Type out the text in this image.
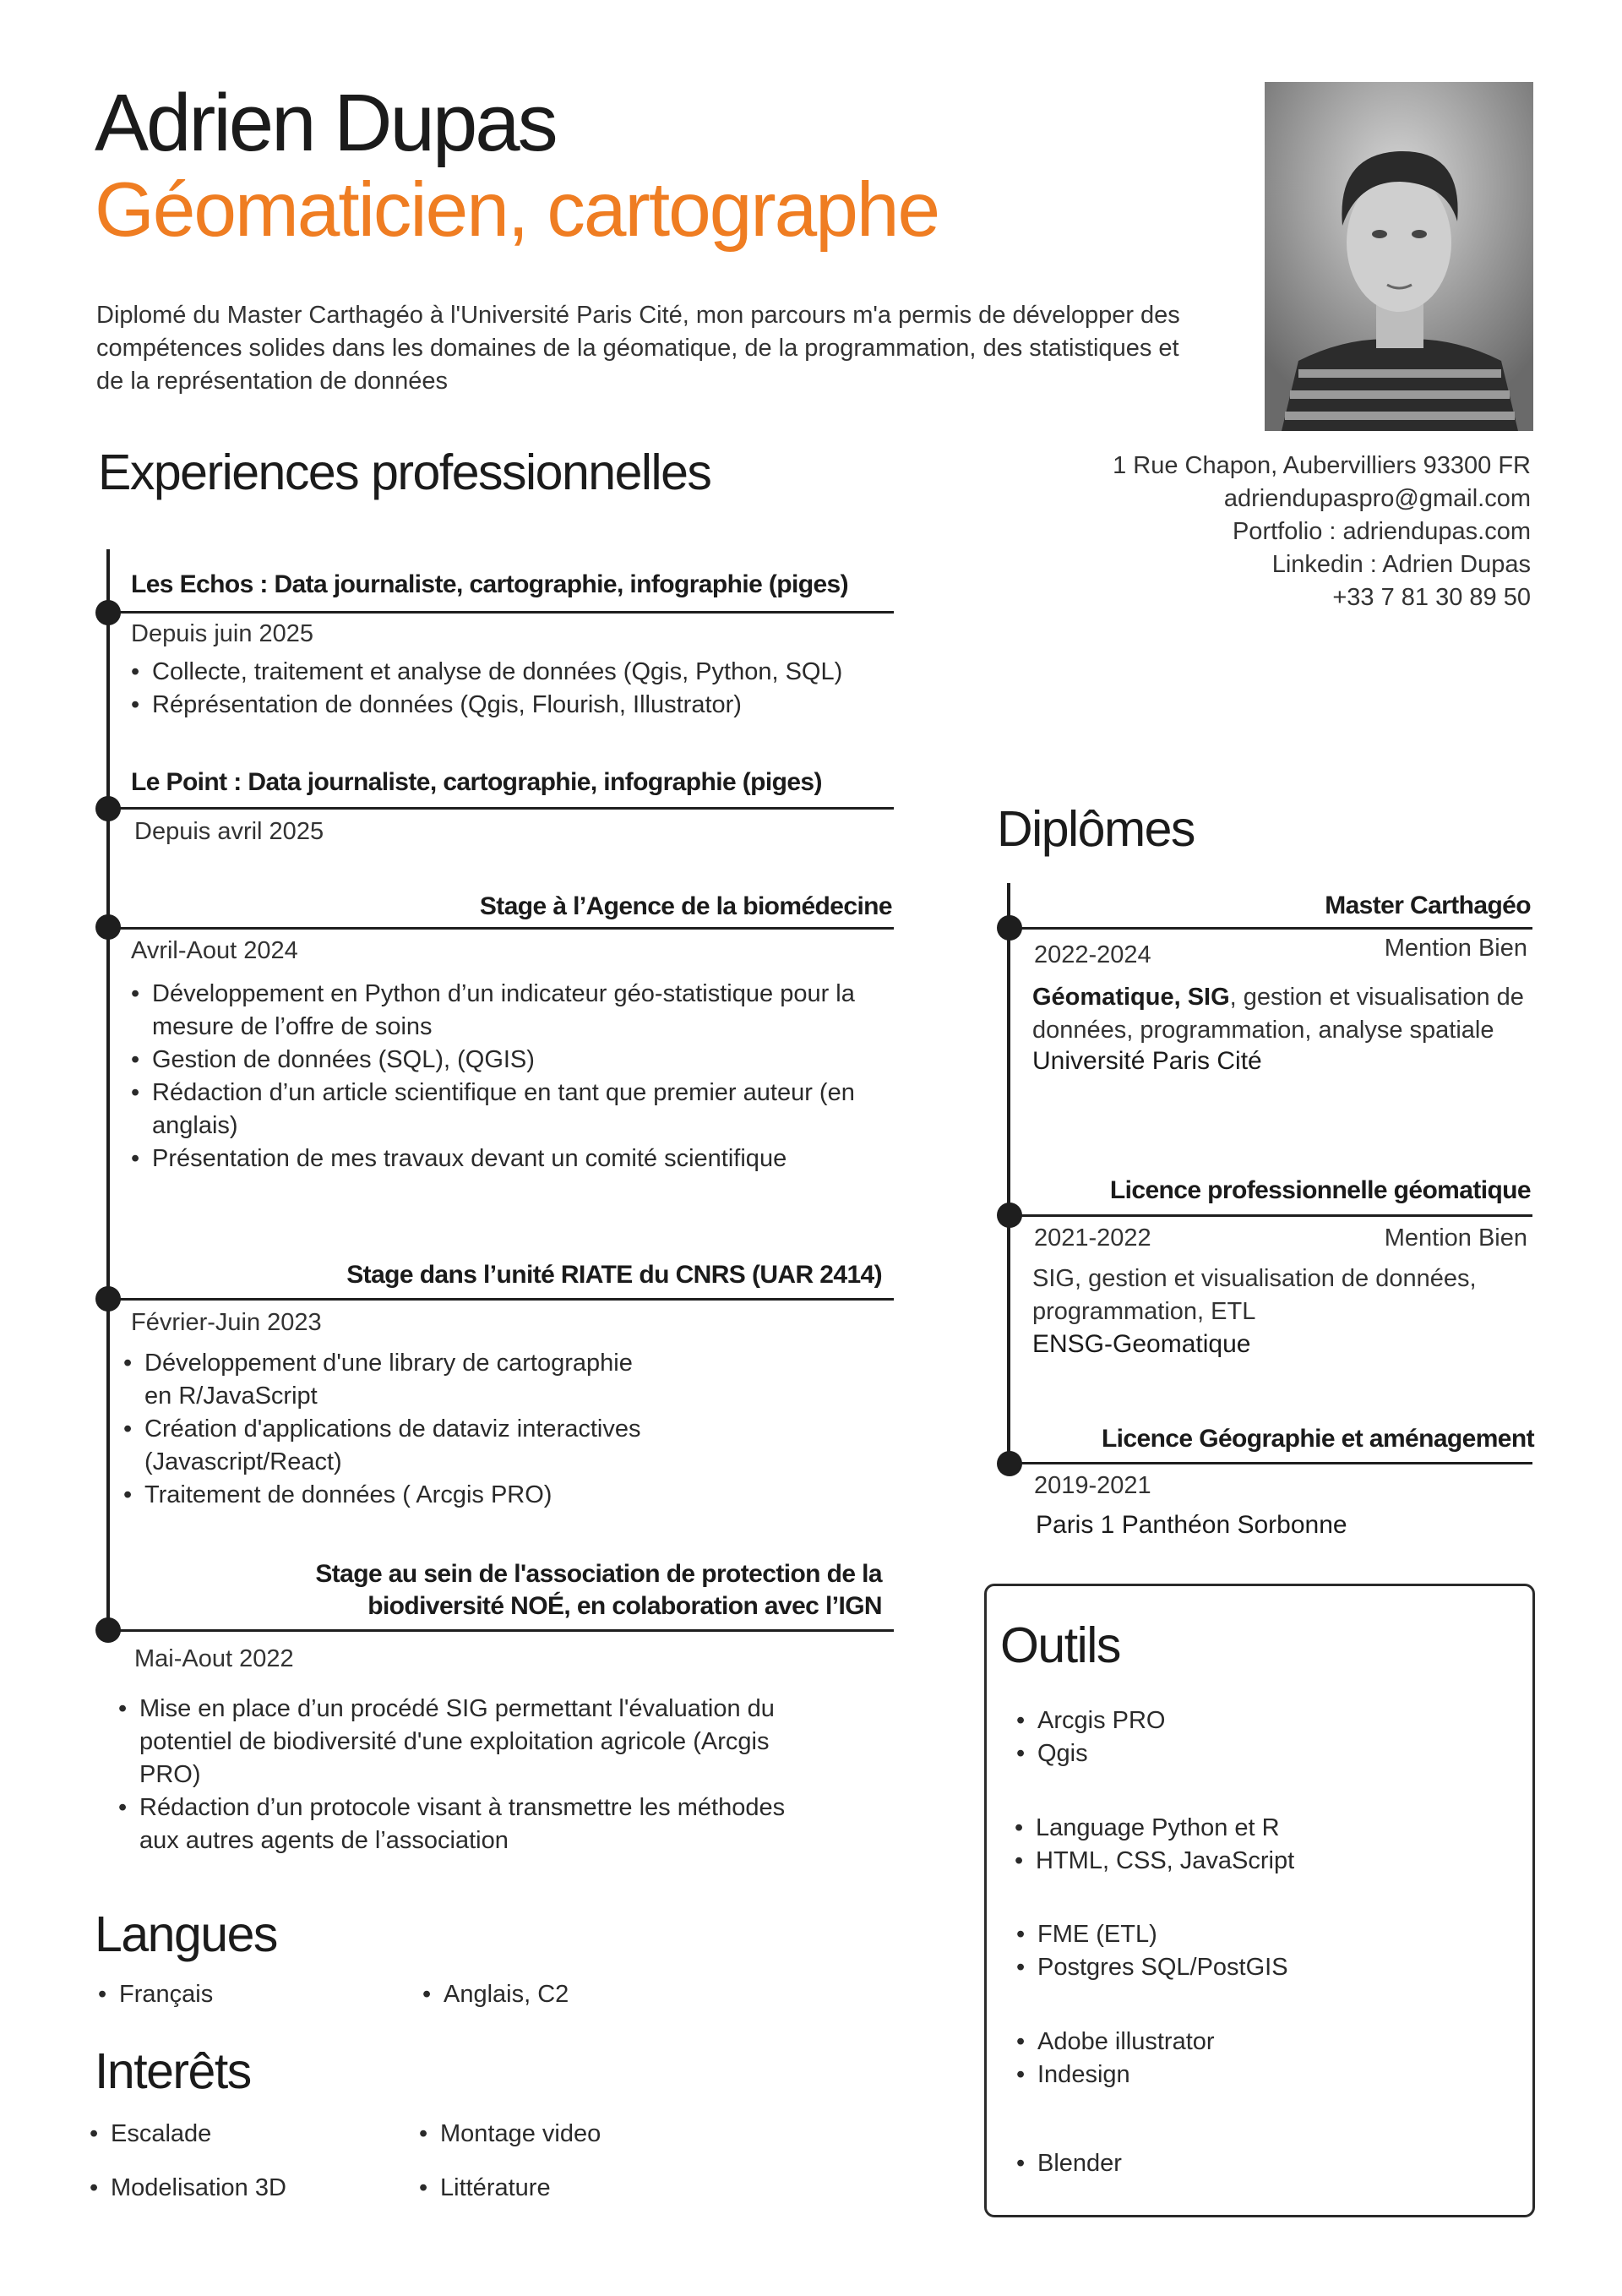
Adrien Dupas
Géomaticien, cartographe
Diplomé du Master Carthagéo à l'Université Paris Cité, mon parcours m'a permis de développer des compétences solides dans les domaines de la géomatique, de la programmation, des statistiques et de la représentation de données
1 Rue Chapon, Aubervilliers 93300 FR
adriendupaspro@gmail.com
Portfolio : adriendupas.com
Linkedin : Adrien Dupas
+33 7 81 30 89 50
Experiences professionnelles
Les Echos : Data journaliste, cartographie, infographie (piges)
Depuis juin 2025
• Collecte, traitement et analyse de données (Qgis, Python, SQL)
• Réprésentation de données (Qgis, Flourish, Illustrator)
Le Point : Data journaliste, cartographie, infographie (piges)
Depuis avril 2025
Stage à l’Agence de la biomédecine
Avril-Aout 2024
• Développement en Python d’un indicateur géo-statistique pour la mesure de l’offre de soins
• Gestion de données (SQL), (QGIS)
• Rédaction d’un article scientifique en tant que premier auteur (en anglais)
• Présentation de mes travaux devant un comité scientifique
Stage dans l’unité RIATE du CNRS (UAR 2414)
Février-Juin 2023
• Développement d'une library de cartographie en R/JavaScript
• Création d'applications de dataviz interactives (Javascript/React)
• Traitement de données ( Arcgis PRO)
Stage au sein de l'association de protection de la
biodiversité NOÉ, en colaboration avec l’IGN
Mai-Aout 2022
• Mise en place d’un procédé SIG permettant l'évaluation du potentiel de biodiversité d'une exploitation agricole (Arcgis PRO)
• Rédaction d’un protocole visant à transmettre les méthodes aux autres agents de l’association
Langues
• Français	• Anglais, C2
Interêts
• Escalade	• Montage video
• Modelisation 3D	• Littérature
Diplômes
Master Carthagéo
2022-2024	Mention Bien
Géomatique, SIG, gestion et visualisation de données, programmation, analyse spatiale
Université Paris Cité
Licence professionnelle géomatique
2021-2022	Mention Bien
SIG, gestion et visualisation de données, programmation, ETL
ENSG-Geomatique
Licence Géographie et aménagement
2019-2021
Paris 1 Panthéon Sorbonne
Outils
• Arcgis PRO
• Qgis
• Language Python et R
• HTML, CSS, JavaScript
• FME (ETL)
• Postgres SQL/PostGIS
• Adobe illustrator
• Indesign
• Blender
